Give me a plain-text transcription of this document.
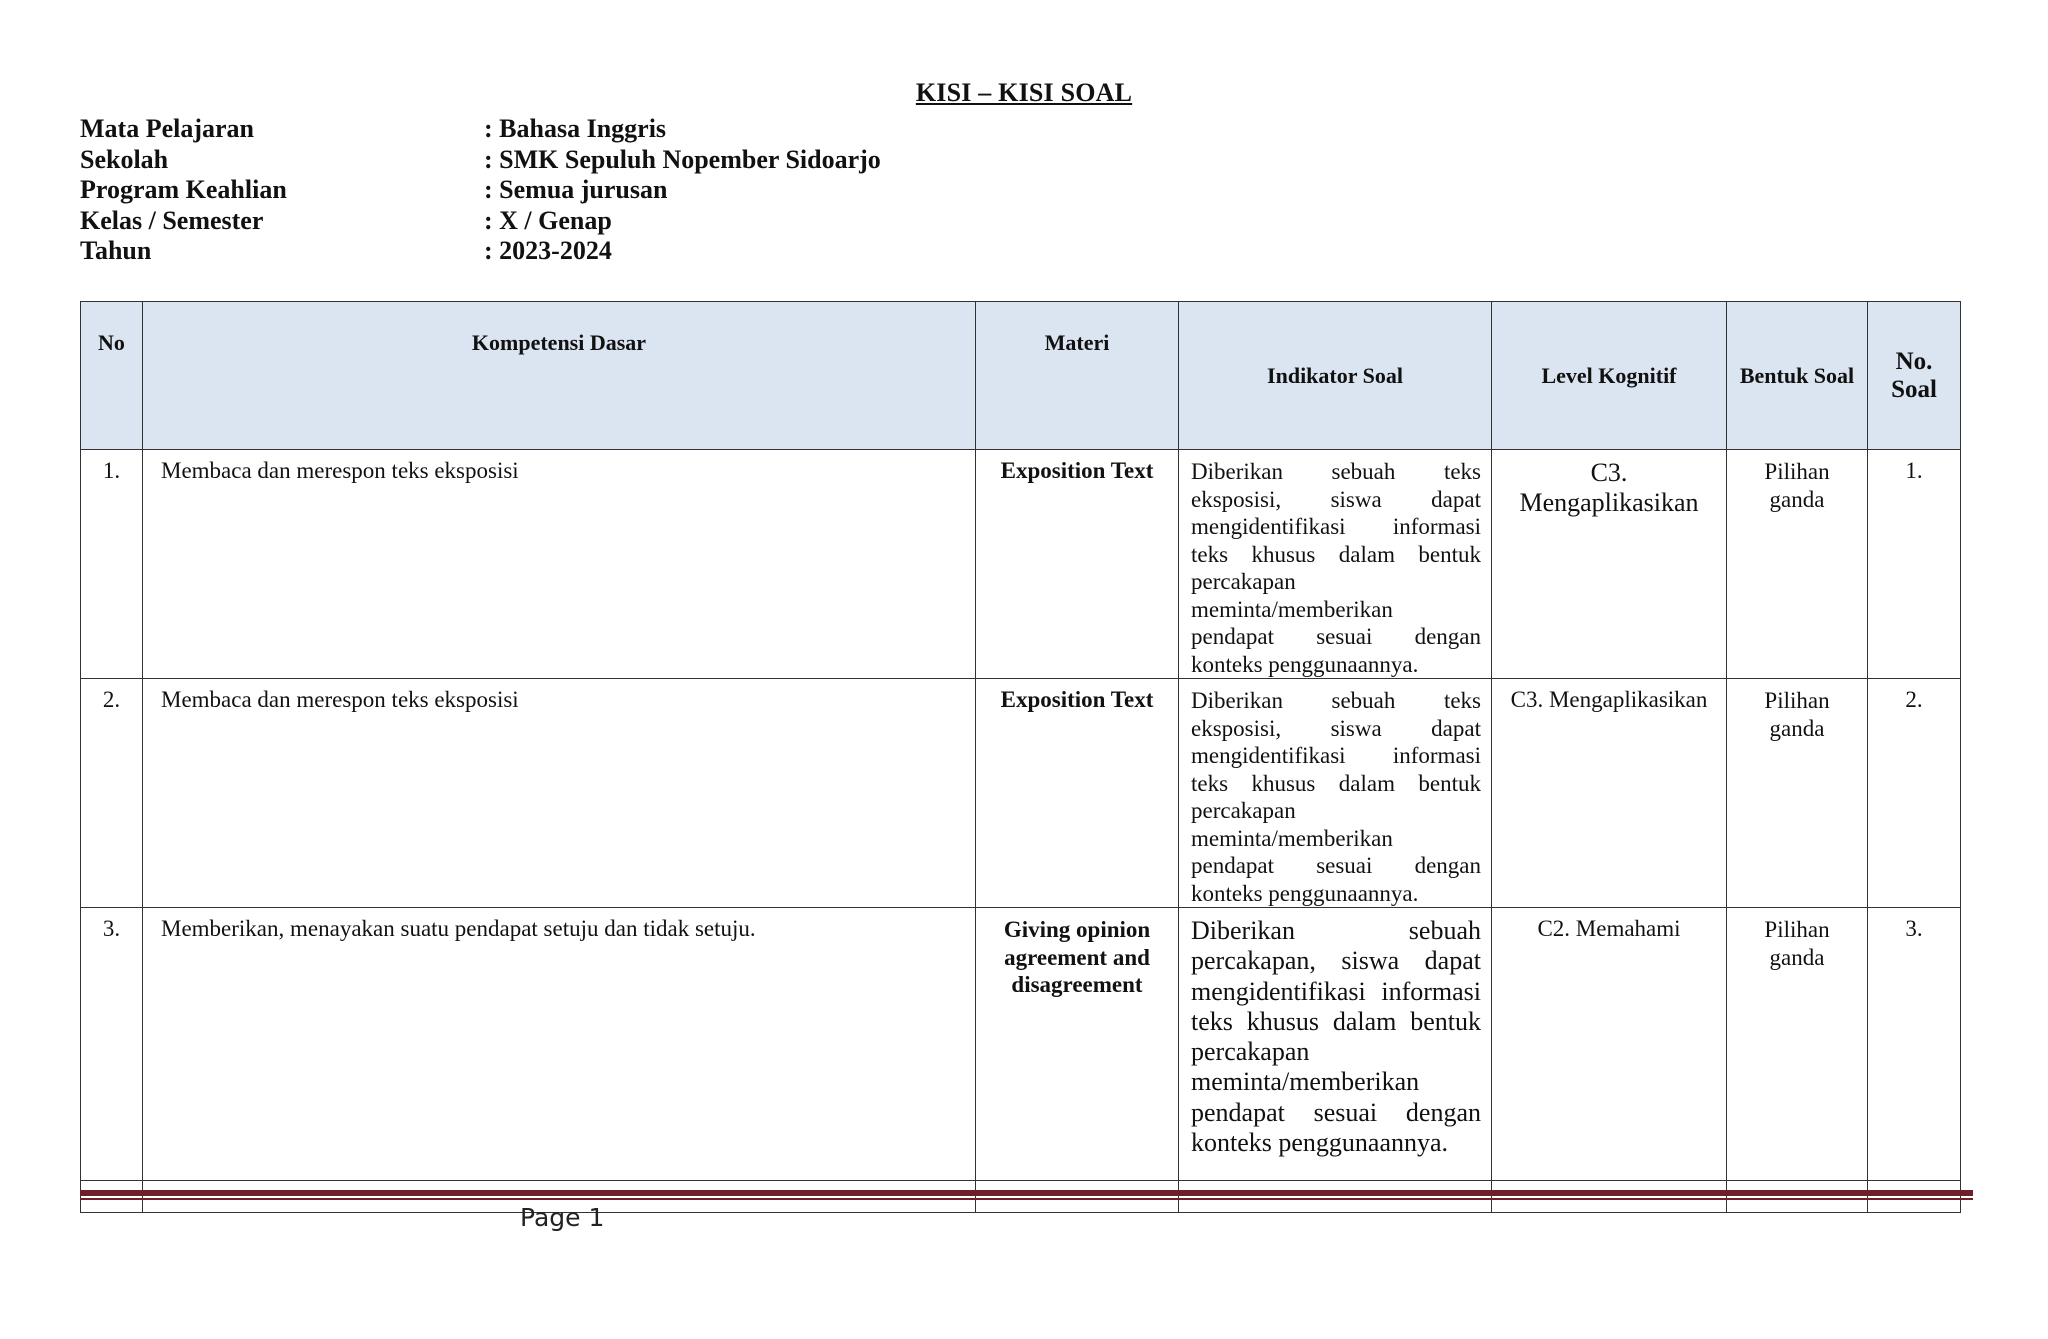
KISI – KISI SOAL
Mata Pelajaran	: Bahasa Inggris
Sekolah	: SMK Sepuluh Nopember Sidoarjo
Program Keahlian	: Semua jurusan
Kelas / Semester	: X / Genap
Tahun	: 2023-2024
No	Kompetensi Dasar	Materi	Indikator Soal	Level Kognitif	Bentuk Soal	No. Soal
1.	Membaca dan merespon teks eksposisi	Exposition Text	Diberikan sebuah teks eksposisi, siswa dapat mengidentifikasi informasi teks khusus dalam bentuk percakapan meminta/memberikan pendapat sesuai dengan konteks penggunaannya.	C3. Mengaplikasikan	Pilihan ganda	1.
2.	Membaca dan merespon teks eksposisi	Exposition Text	Diberikan sebuah teks eksposisi, siswa dapat mengidentifikasi informasi teks khusus dalam bentuk percakapan meminta/memberikan pendapat sesuai dengan konteks penggunaannya.	C3. Mengaplikasikan	Pilihan ganda	2.
3.	Memberikan, menayakan suatu pendapat setuju dan tidak setuju.	Giving opinion agreement and disagreement	Diberikan sebuah percakapan, siswa dapat mengidentifikasi informasi teks khusus dalam bentuk percakapan meminta/memberikan pendapat sesuai dengan konteks penggunaannya.	C2. Memahami	Pilihan ganda	3.

Page 1
